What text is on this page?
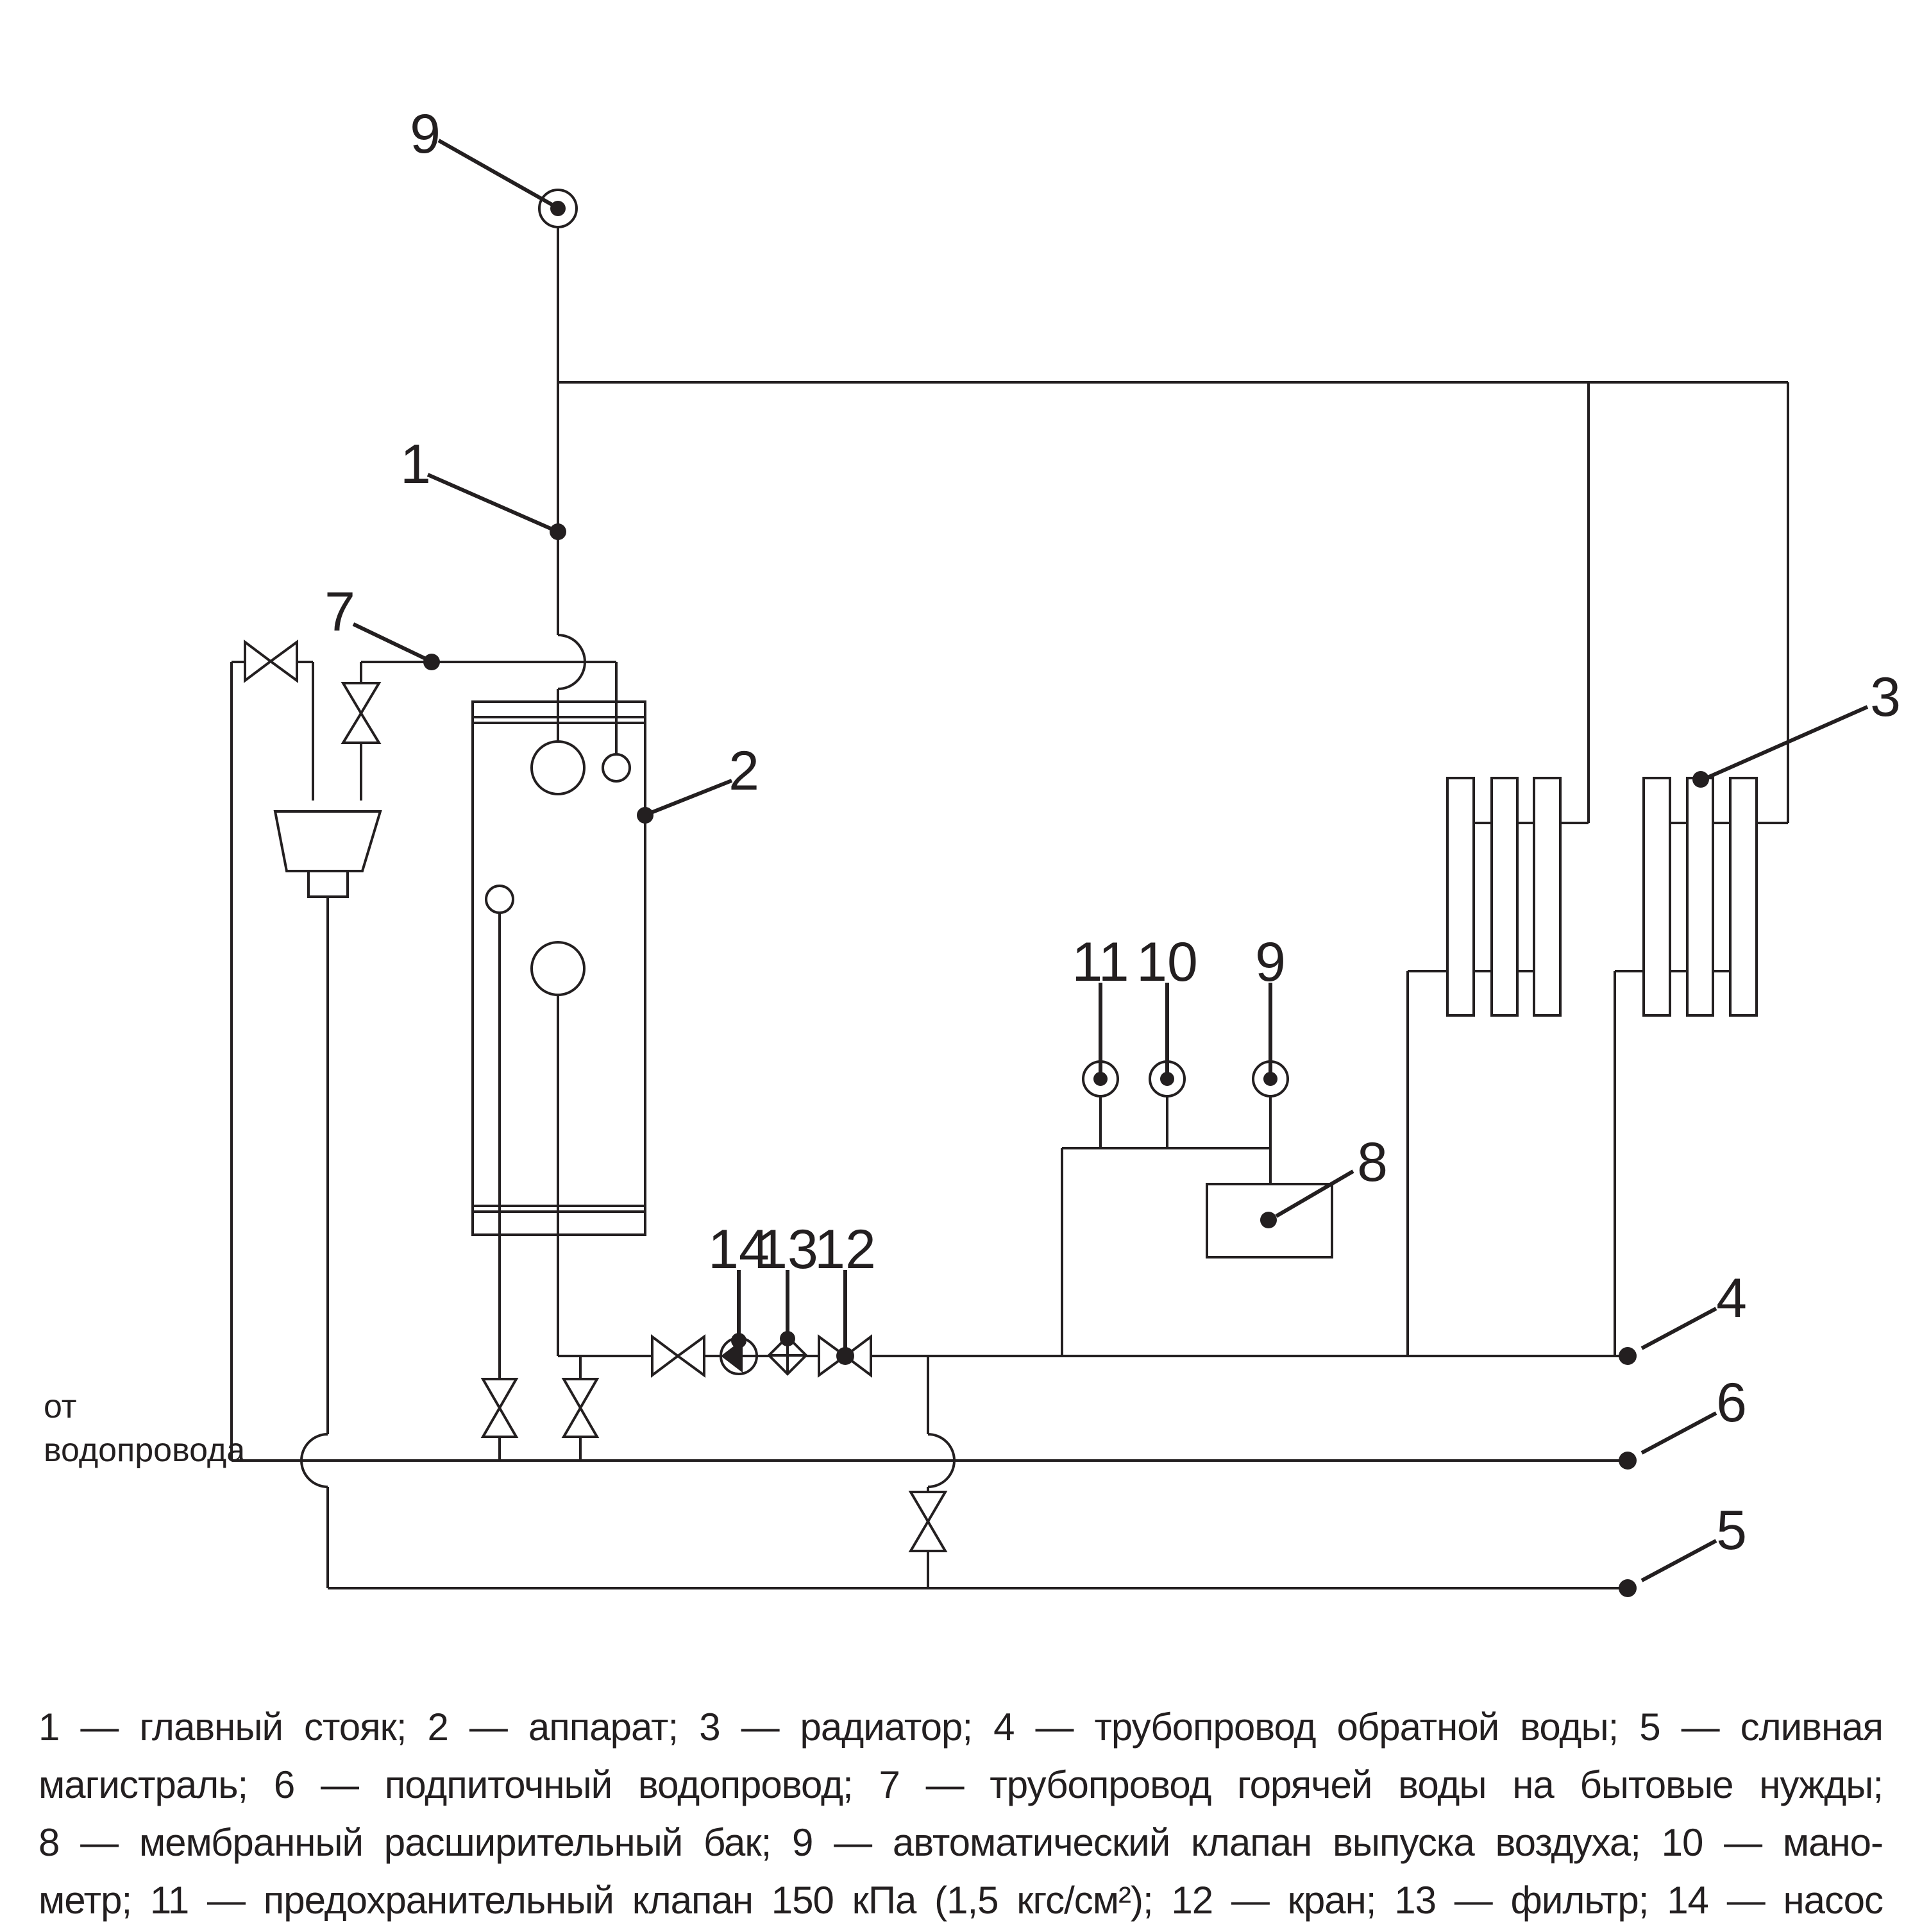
9
1
7
2
3
11 10 9
8
14
13
12
4
6
5
от
водопровода
1 — главный стояк; 2 — аппарат; 3 — радиатор; 4 — трубопровод обратной воды; 5 — сливная
магистраль; 6 — подпиточный водопровод; 7 — трубопровод горячей воды на бытовые нужды;
8 — мембранный расширительный бак; 9 — автоматический клапан выпуска воздуха; 10 — мано-
метр; 11 — предохранительный клапан 150 кПа (1,5 кгс/см²); 12 — кран; 13 — фильтр; 14 — насос
